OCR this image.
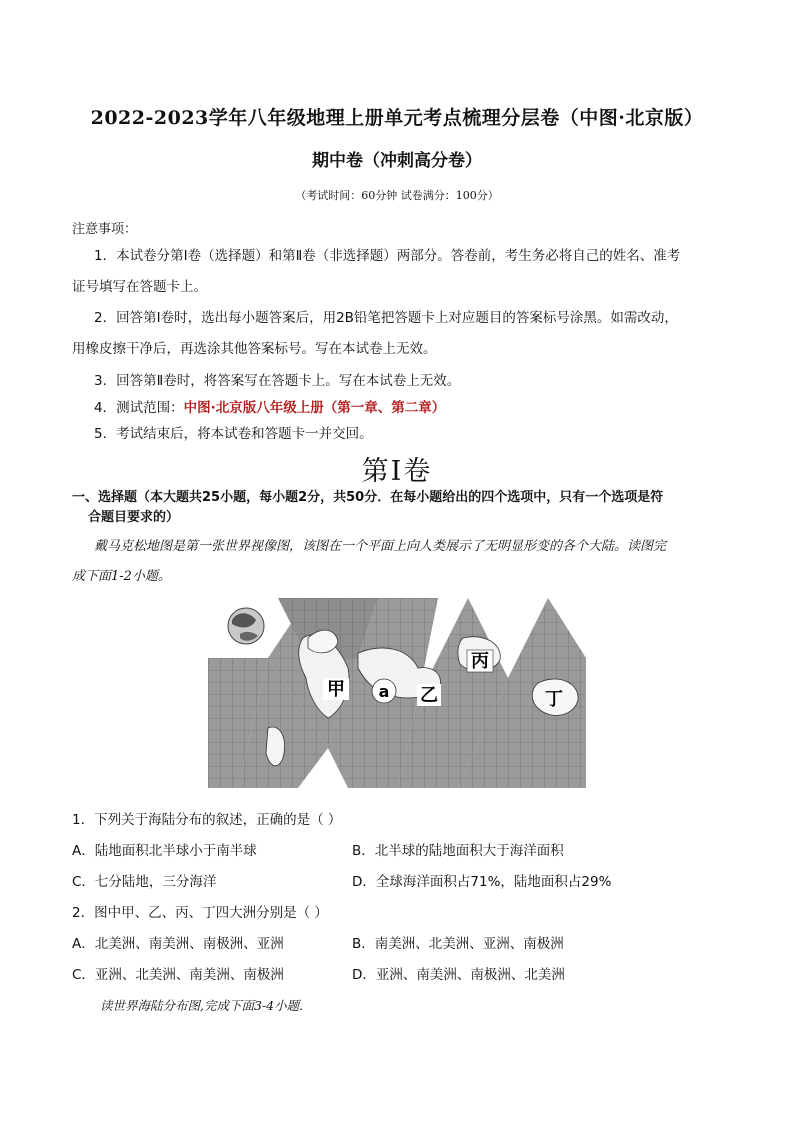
2022-2023学年八年级地理上册单元考点梳理分层卷（中图·北京版）
期中卷（冲刺高分卷）
（考试时间：60分钟 试卷满分：100分）
注意事项：
1．本试卷分第Ⅰ卷（选择题）和第Ⅱ卷（非选择题）两部分。答卷前，考生务必将自己的姓名、准考
证号填写在答题卡上。
2．回答第Ⅰ卷时，选出每小题答案后，用2B铅笔把答题卡上对应题目的答案标号涂黑。如需改动，
用橡皮擦干净后，再选涂其他答案标号。写在本试卷上无效。
3．回答第Ⅱ卷时，将答案写在答题卡上。写在本试卷上无效。
4．测试范围：中图·北京版八年级上册（第一章、第二章）
5．考试结束后，将本试卷和答题卡一并交回。
第Ⅰ卷
一、选择题（本大题共25小题，每小题2分，共50分．在每小题给出的四个选项中，只有一个选项是符
合题目要求的）
戴马克松地图是第一张世界视像图，该图在一个平面上向人类展示了无明显形变的各个大陆。读图完
成下面1-2小题。
甲 a 乙
丙
丁
1．下列关于海陆分布的叙述，正确的是（ ）
A．陆地面积北半球小于南半球	B．北半球的陆地面积大于海洋面积
C．七分陆地，三分海洋	D．全球海洋面积占71%，陆地面积占29%
2．图中甲、乙、丙、丁四大洲分别是（ ）
A．北美洲、南美洲、南极洲、亚洲	B．南美洲、北美洲、亚洲、南极洲
C．亚洲、北美洲、南美洲、南极洲	D．亚洲、南美洲、南极洲、北美洲
读世界海陆分布图,完成下面3-4小题.
